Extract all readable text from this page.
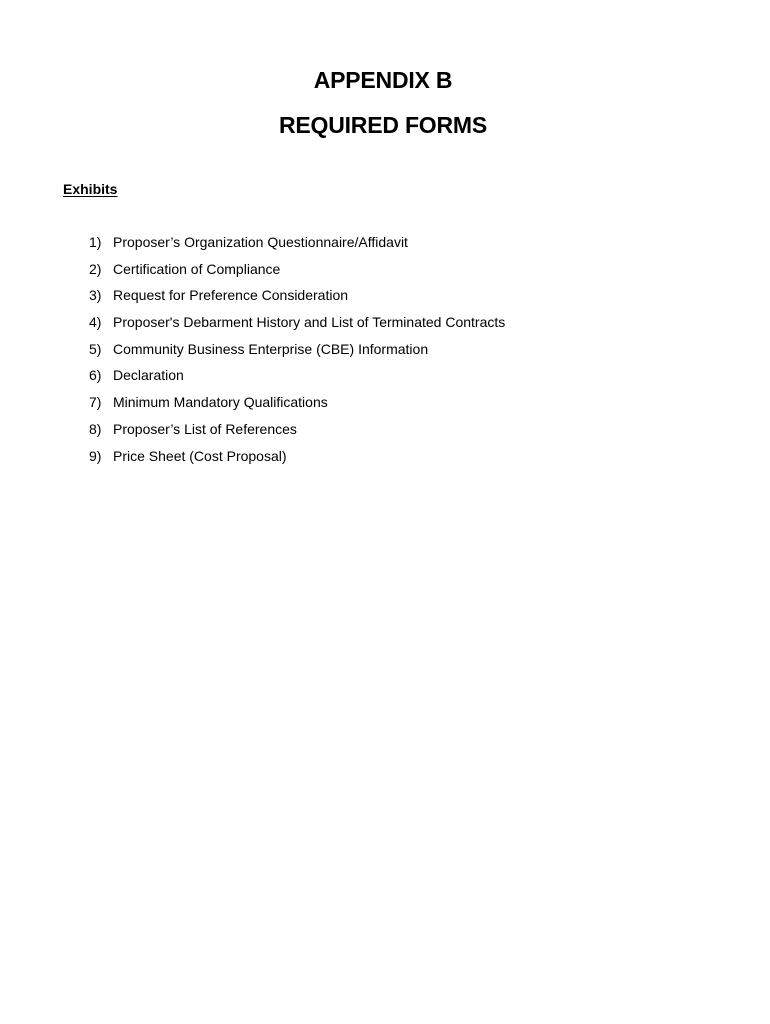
APPENDIX B
REQUIRED FORMS
Exhibits
1) Proposer’s Organization Questionnaire/Affidavit
2) Certification of Compliance
3) Request for Preference Consideration
4) Proposer's Debarment History and List of Terminated Contracts
5) Community Business Enterprise (CBE) Information
6) Declaration
7) Minimum Mandatory Qualifications
8) Proposer’s List of References
9) Price Sheet (Cost Proposal)
